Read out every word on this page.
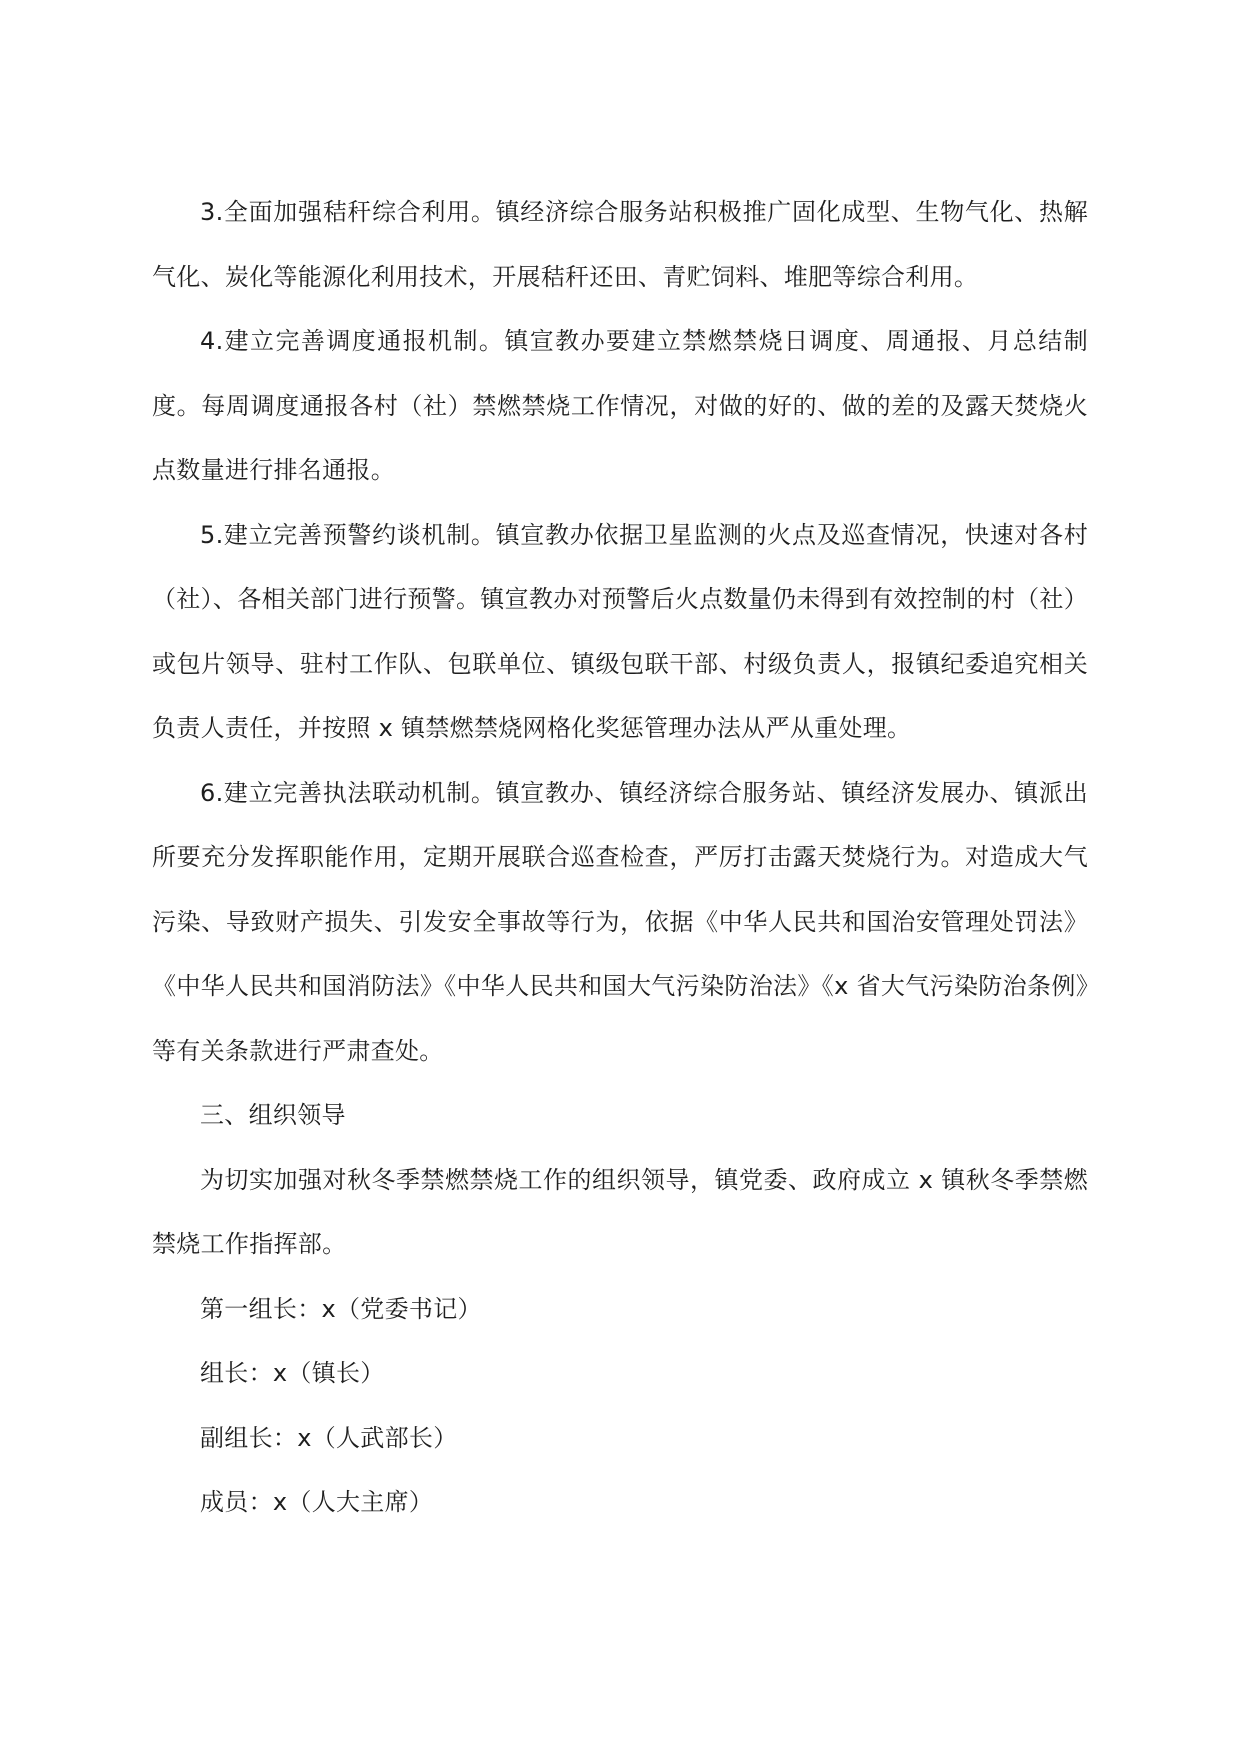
3.全面加强秸秆综合利用。镇经济综合服务站积极推广固化成型、生物气化、热解气化、炭化等能源化利用技术，开展秸秆还田、青贮饲料、堆肥等综合利用。

4.建立完善调度通报机制。镇宣教办要建立禁燃禁烧日调度、周通报、月总结制度。每周调度通报各村（社）禁燃禁烧工作情况，对做的好的、做的差的及露天焚烧火点数量进行排名通报。

5.建立完善预警约谈机制。镇宣教办依据卫星监测的火点及巡查情况，快速对各村（社）、各相关部门进行预警。镇宣教办对预警后火点数量仍未得到有效控制的村（社）或包片领导、驻村工作队、包联单位、镇级包联干部、村级负责人，报镇纪委追究相关负责人责任，并按照 x 镇禁燃禁烧网格化奖惩管理办法从严从重处理。

6.建立完善执法联动机制。镇宣教办、镇经济综合服务站、镇经济发展办、镇派出所要充分发挥职能作用，定期开展联合巡查检查，严厉打击露天焚烧行为。对造成大气污染、导致财产损失、引发安全事故等行为，依据《中华人民共和国治安管理处罚法》《中华人民共和国消防法》《中华人民共和国大气污染防治法》《x 省大气污染防治条例》等有关条款进行严肃查处。

三、组织领导

为切实加强对秋冬季禁燃禁烧工作的组织领导，镇党委、政府成立 x 镇秋冬季禁燃禁烧工作指挥部。

第一组长：x（党委书记）

组长：x（镇长）

副组长：x（人武部长）

成员：x（人大主席）
